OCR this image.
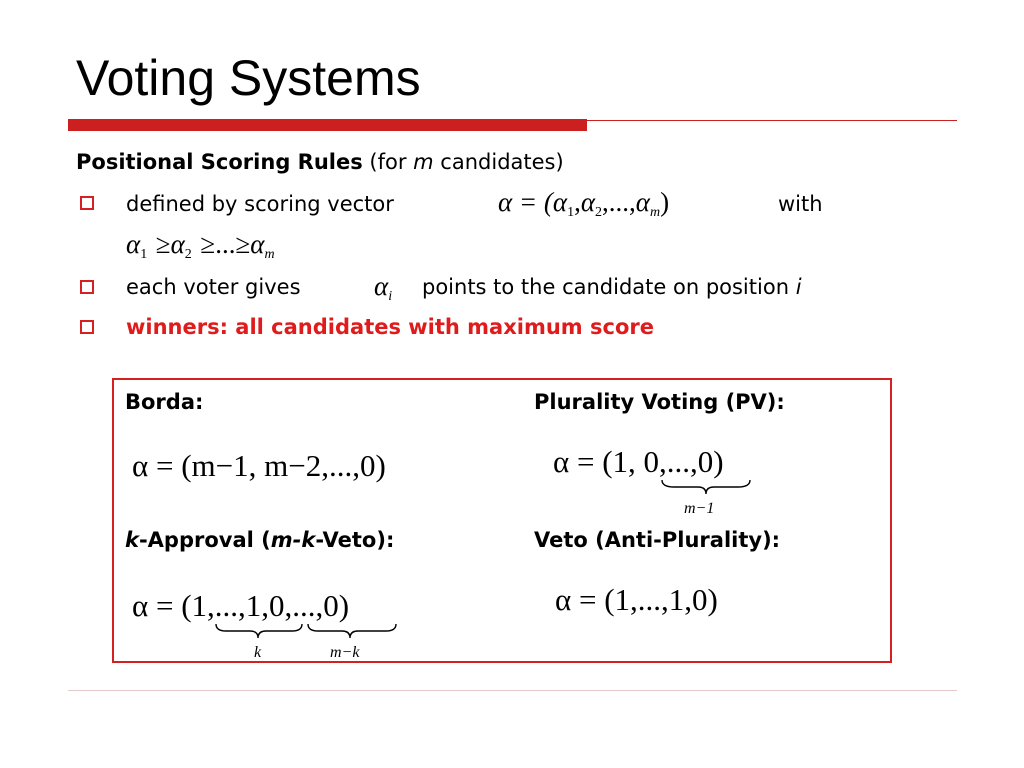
Voting Systems
Positional Scoring Rules (for m candidates)
defined by scoring vector	$\alpha = (\alpha_1,\alpha_2,...,\alpha_m)$	with
$\alpha_1 \ge\alpha_2 \ge...\ge\alpha_m$
each voter gives	$\alpha_i$ points to the candidate on position i
winners: all candidates with maximum score
Borda:
α = (m−1, m−2,...,0)
Plurality Voting (PV):
α = (1, 0,...,0)
m−1
k-Approval (m-k-Veto):
α = (1,...,1,0,...,0)
k	m−k
Veto (Anti-Plurality):
α = (1,...,1,0)
